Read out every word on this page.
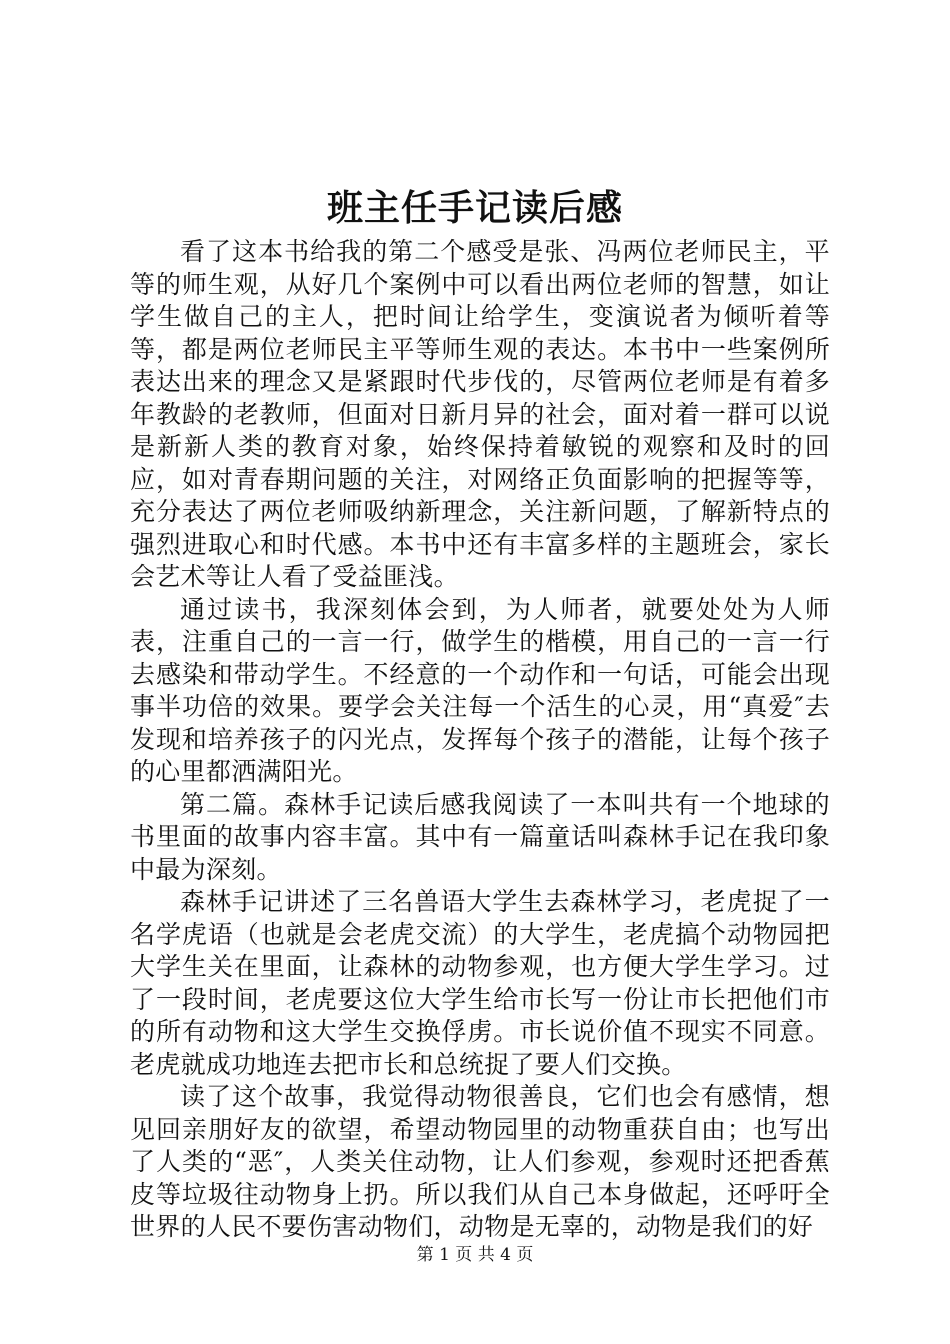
班主任手记读后感

看了这本书给我的第二个感受是张、冯两位老师民主，平等的师生观，从好几个案例中可以看出两位老师的智慧，如让学生做自己的主人，把时间让给学生，变演说者为倾听着等等，都是两位老师民主平等师生观的表达。本书中一些案例所表达出来的理念又是紧跟时代步伐的，尽管两位老师是有着多年教龄的老教师，但面对日新月异的社会，面对着一群可以说是新新人类的教育对象，始终保持着敏锐的观察和及时的回应，如对青春期问题的关注，对网络正负面影响的把握等等，充分表达了两位老师吸纳新理念，关注新问题，了解新特点的强烈进取心和时代感。本书中还有丰富多样的主题班会，家长会艺术等让人看了受益匪浅。

通过读书，我深刻体会到，为人师者，就要处处为人师表，注重自己的一言一行，做学生的楷模，用自己的一言一行去感染和带动学生。不经意的一个动作和一句话，可能会出现事半功倍的效果。要学会关注每一个活生的心灵，用“真爱″去发现和培养孩子的闪光点，发挥每个孩子的潜能，让每个孩子的心里都洒满阳光。

第二篇。森林手记读后感我阅读了一本叫共有一个地球的书里面的故事内容丰富。其中有一篇童话叫森林手记在我印象中最为深刻。

森林手记讲述了三名兽语大学生去森林学习，老虎捉了一名学虎语（也就是会老虎交流）的大学生，老虎搞个动物园把大学生关在里面，让森林的动物参观，也方便大学生学习。过了一段时间，老虎要这位大学生给市长写一份让市长把他们市的所有动物和这大学生交换俘虏。市长说价值不现实不同意。老虎就成功地连去把市长和总统捉了要人们交换。

读了这个故事，我觉得动物很善良，它们也会有感情，想见回亲朋好友的欲望，希望动物园里的动物重获自由；也写出了人类的“恶″，人类关住动物，让人们参观，参观时还把香蕉皮等垃圾往动物身上扔。所以我们从自己本身做起，还呼吁全世界的人民不要伤害动物们，动物是无辜的，动物是我们的好

第 1 页 共 4 页
